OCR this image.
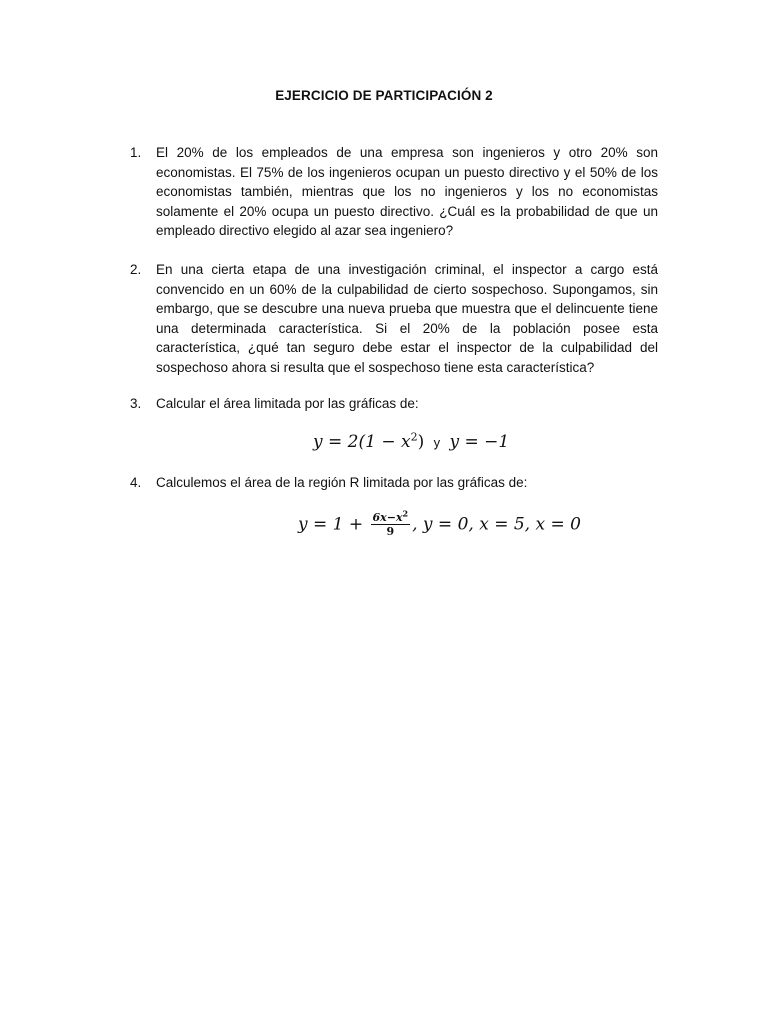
EJERCICIO DE PARTICIPACIÓN 2
1. El 20% de los empleados de una empresa son ingenieros y otro 20% son economistas. El 75% de los ingenieros ocupan un puesto directivo y el 50% de los economistas también, mientras que los no ingenieros y los no economistas solamente el 20% ocupa un puesto directivo. ¿Cuál es la probabilidad de que un empleado directivo elegido al azar sea ingeniero?
2. En una cierta etapa de una investigación criminal, el inspector a cargo está convencido en un 60% de la culpabilidad de cierto sospechoso. Supongamos, sin embargo, que se descubre una nueva prueba que muestra que el delincuente tiene una determinada característica. Si el 20% de la población posee esta característica, ¿qué tan seguro debe estar el inspector de la culpabilidad del sospechoso ahora si resulta que el sospechoso tiene esta característica?
3. Calcular el área limitada por las gráficas de:
$y = 2(1 - x^2)$ y y = −1
4. Calculemos el área de la región R limitada por las gráficas de:
$y = 1 + \frac{6x-x^2}{9}$ , y = 0, x = 5, x = 0
